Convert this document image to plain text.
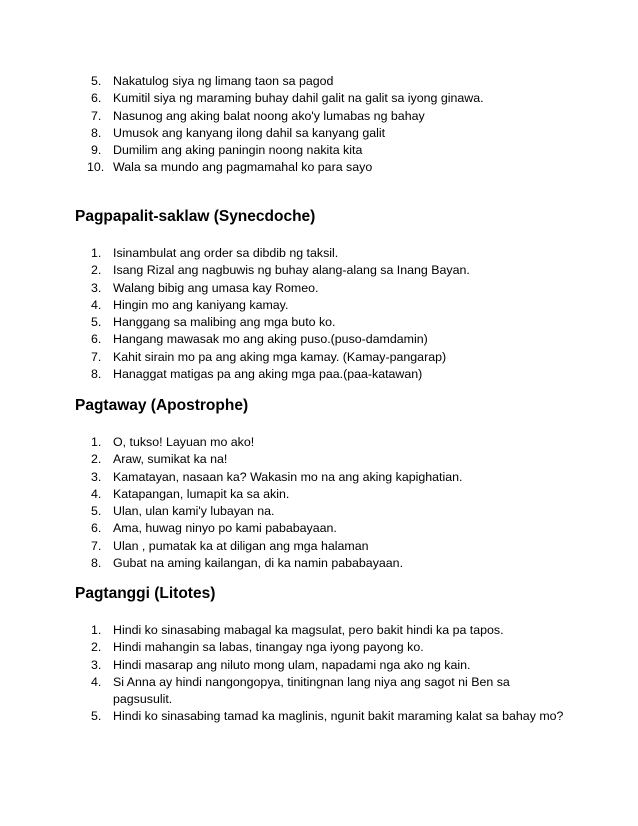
5. Nakatulog siya ng limang taon sa pagod
6. Kumitil siya ng maraming buhay dahil galit na galit sa iyong ginawa.
7. Nasunog ang aking balat noong ako'y lumabas ng bahay
8. Umusok ang kanyang ilong dahil sa kanyang galit
9. Dumilim ang aking paningin noong nakita kita
10. Wala sa mundo ang pagmamahal ko para sayo
Pagpapalit-saklaw (Synecdoche)
1. Isinambulat ang order sa dibdib ng taksil.
2. Isang Rizal ang nagbuwis ng buhay alang-alang sa Inang Bayan.
3. Walang bibig ang umasa kay Romeo.
4. Hingin mo ang kaniyang kamay.
5. Hanggang sa malibing ang mga buto ko.
6. Hangang mawasak mo ang aking puso.(puso-damdamin)
7. Kahit sirain mo pa ang aking mga kamay. (Kamay-pangarap)
8. Hanaggat matigas pa ang aking mga paa.(paa-katawan)
Pagtaway (Apostrophe)
1. O, tukso! Layuan mo ako!
2. Araw, sumikat ka na!
3. Kamatayan, nasaan ka? Wakasin mo na ang aking kapighatian.
4. Katapangan, lumapit ka sa akin.
5. Ulan, ulan kami'y lubayan na.
6. Ama, huwag ninyo po kami pababayaan.
7. Ulan , pumatak ka at diligan ang mga halaman
8. Gubat na aming kailangan, di ka namin pababayaan.
Pagtanggi (Litotes)
1. Hindi ko sinasabing mabagal ka magsulat, pero bakit hindi ka pa tapos.
2. Hindi mahangin sa labas, tinangay nga iyong payong ko.
3. Hindi masarap ang niluto mong ulam, napadami nga ako ng kain.
4. Si Anna ay hindi nangongopya, tinitingnan lang niya ang sagot ni Ben sa pagsusulit.
5. Hindi ko sinasabing tamad ka maglinis, ngunit bakit maraming kalat sa bahay mo?
